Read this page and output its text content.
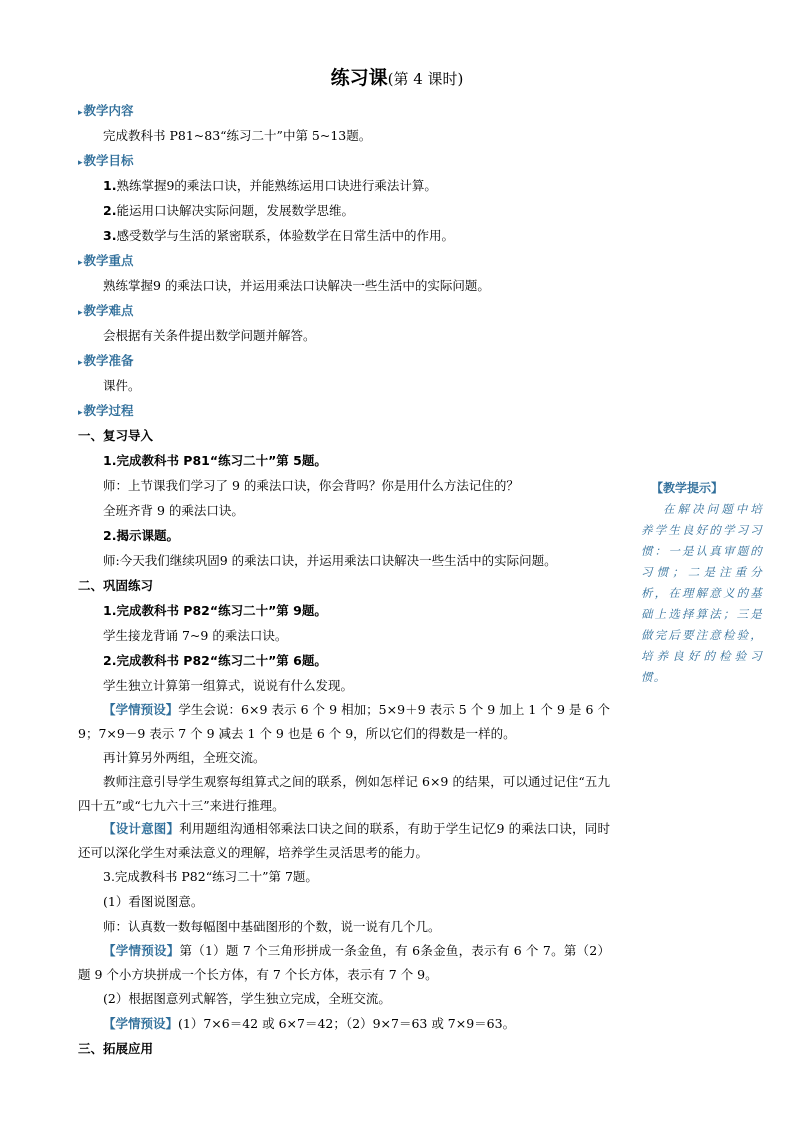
练习课(第 4 课时)
▸教学内容
完成教科书 P81~83“练习二十”中第 5~13题。
▸教学目标
1.熟练掌握9的乘法口诀，并能熟练运用口诀进行乘法计算。
2.能运用口诀解决实际问题，发展数学思维。
3.感受数学与生活的紧密联系，体验数学在日常生活中的作用。
▸教学重点
熟练掌握9 的乘法口诀，并运用乘法口诀解决一些生活中的实际问题。
▸教学难点
会根据有关条件提出数学问题并解答。
▸教学准备
课件。
▸教学过程
一、复习导入
1.完成教科书 P81“练习二十”第 5题。
师：上节课我们学习了 9 的乘法口诀，你会背吗？你是用什么方法记住的？
全班齐背 9 的乘法口诀。
2.揭示课题。
师:今天我们继续巩固9 的乘法口诀，并运用乘法口诀解决一些生活中的实际问题。
二、巩固练习
1.完成教科书 P82“练习二十”第 9题。
学生接龙背诵 7~9 的乘法口诀。
2.完成教科书 P82“练习二十”第 6题。
学生独立计算第一组算式，说说有什么发现。
【学情预设】学生会说：6×9 表示 6 个 9 相加；5×9＋9 表示 5 个 9 加上 1 个 9 是 6 个 9；7×9－9 表示 7 个 9 减去 1 个 9 也是 6 个 9，所以它们的得数是一样的。
再计算另外两组，全班交流。
教师注意引导学生观察每组算式之间的联系，例如怎样记 6×9 的结果，可以通过记住“五九四十五”或“七九六十三”来进行推理。
【设计意图】利用题组沟通相邻乘法口诀之间的联系，有助于学生记忆9 的乘法口诀，同时还可以深化学生对乘法意义的理解，培养学生灵活思考的能力。
3.完成教科书 P82“练习二十”第 7题。
(1）看图说图意。
师：认真数一数每幅图中基础图形的个数，说一说有几个几。
【学情预设】第（1）题 7 个三角形拼成一条金鱼，有 6条金鱼，表示有 6 个 7。第（2）题 9 个小方块拼成一个长方体，有 7 个长方体，表示有 7 个 9。
(2）根据图意列式解答，学生独立完成，全班交流。
【学情预设】(1）7×6＝42 或 6×7＝42；（2）9×7＝63 或 7×9＝63。
三、拓展应用
【教学提示】
在解决问题中培养学生良好的学习习惯：一是认真审题的习惯；二是注重分析，在理解意义的基础上选择算法；三是做完后要注意检验，培养良好的检验习惯。
